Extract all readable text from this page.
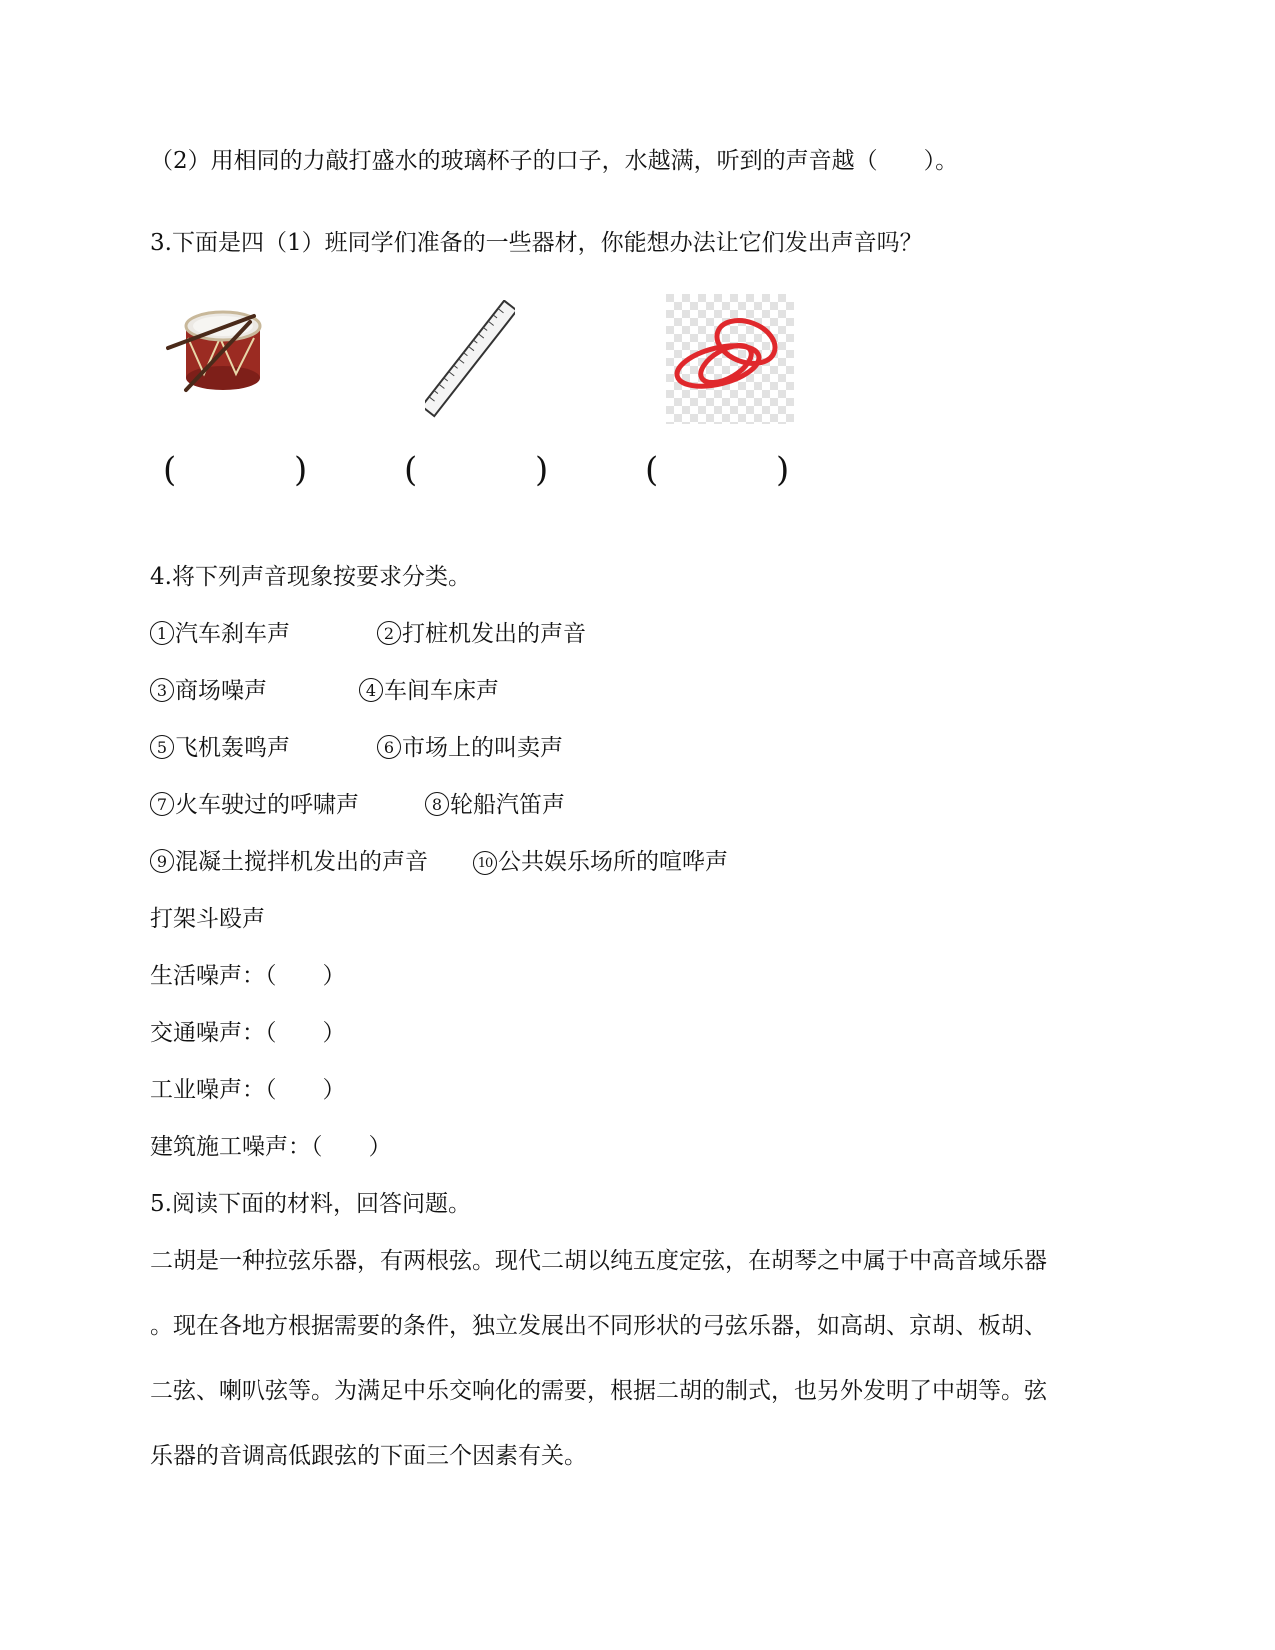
（2）用相同的力敲打盛水的玻璃杯子的口子，水越满，听到的声音越（　　）。
3.下面是四（1）班同学们准备的一些器材，你能想办法让它们发出声音吗？
(	)	(	)	(	)
4.将下列声音现象按要求分类。
1 汽车刹车声	2 打桩机发出的声音
3 商场噪声	4 车间车床声
5 飞机轰鸣声	6 市场上的叫卖声
7 火车驶过的呼啸声	8 轮船汽笛声
9 混凝土搅拌机发出的声音	10 公共娱乐场所的喧哗声
打架斗殴声
生活噪声：（　　）
交通噪声：（　　）
工业噪声：（　　）
建筑施工噪声：（　　）
5.阅读下面的材料，回答问题。
二胡是一种拉弦乐器，有两根弦。现代二胡以纯五度定弦，在胡琴之中属于中高音域乐器
。现在各地方根据需要的条件，独立发展出不同形状的弓弦乐器，如高胡、京胡、板胡、
二弦、喇叭弦等。为满足中乐交响化的需要，根据二胡的制式，也另外发明了中胡等。弦
乐器的音调高低跟弦的下面三个因素有关。
